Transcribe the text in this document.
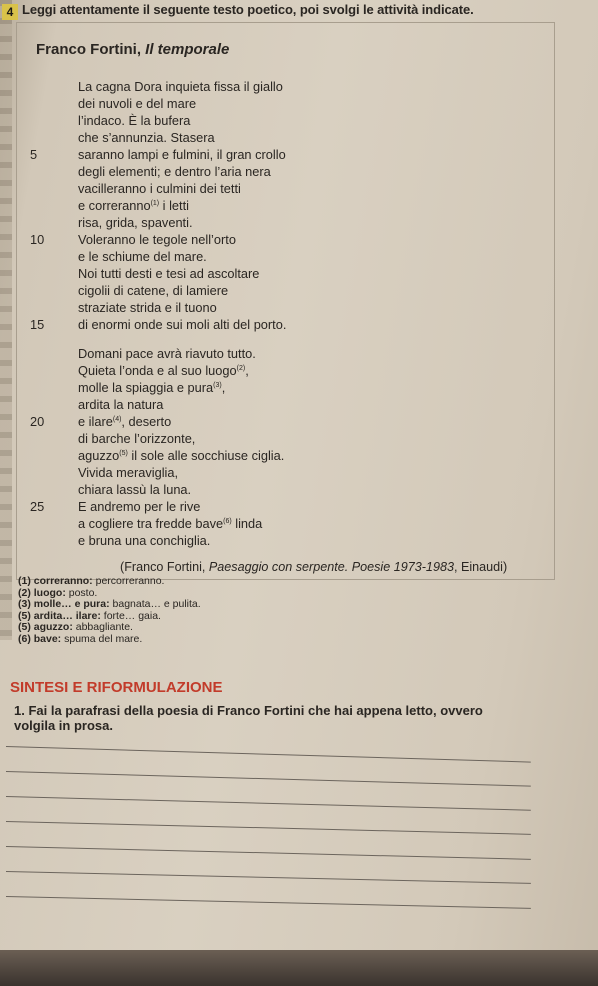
4 Leggi attentamente il seguente testo poetico, poi svolgi le attività indicate.
Franco Fortini, Il temporale
La cagna Dora inquieta fissa il giallo
dei nuvoli e del mare
l’indaco. È la bufera
che s’annunzia. Stasera
5	saranno lampi e fulmini, il gran crollo
degli elementi; e dentro l’aria nera
vacilleranno i culmini dei tetti
e correranno$^{(1)}$ i letti
risa, grida, spaventi.
10	Voleranno le tegole nell’orto
e le schiume del mare.
Noi tutti desti e tesi ad ascoltare
cigolii di catene, di lamiere
straziate strida e il tuono
15	di enormi onde sui moli alti del porto.
Domani pace avrà riavuto tutto.
Quieta l’onda e al suo luogo$^{(2)}$,
molle la spiaggia e pura$^{(3)}$,
ardita la natura
20	e ilare$^{(4)}$, deserto
di barche l’orizzonte,
aguzzo$^{(5)}$ il sole alle socchiuse ciglia.
Vivida meraviglia,
chiara lassù la luna.
25	E andremo per le rive
a cogliere tra fredde bave$^{(6)}$ linda
e bruna una conchiglia.
(Franco Fortini, Paesaggio con serpente. Poesie 1973-1983, Einaudi)
(1) correranno: percorreranno.
(2) luogo: posto.
(3) molle… e pura: bagnata… e pulita.
(5) ardita… ilare: forte… gaia.
(5) aguzzo: abbagliante.
(6) bave: spuma del mare.
SINTESI E RIFORMULAZIONE
1. Fai la parafrasi della poesia di Franco Fortini che hai appena letto, ovvero volgila in prosa.
